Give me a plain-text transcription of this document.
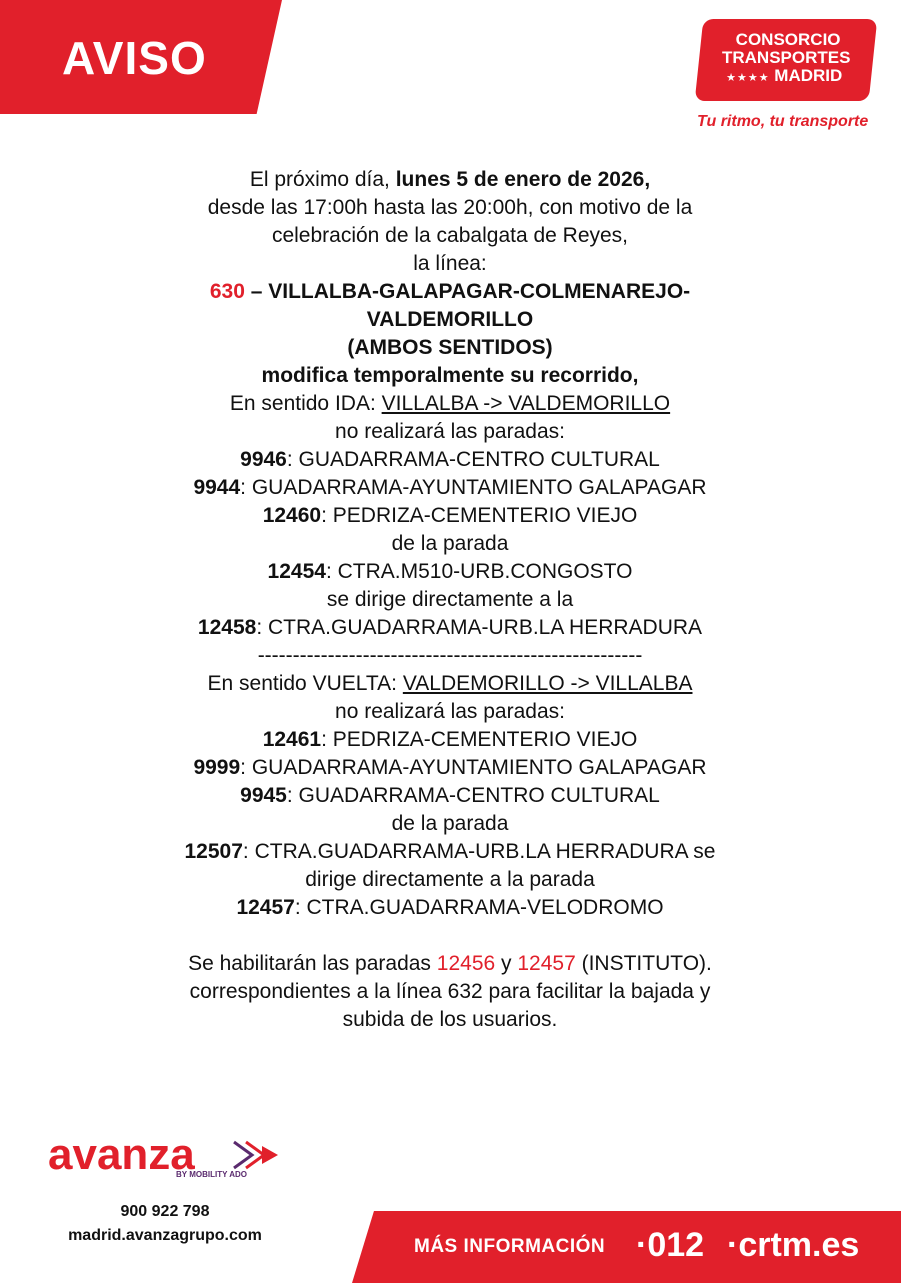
AVISO	CONSORCIO
TRANSPORTES
★★★★ MADRID
Tu ritmo, tu transporte
El próximo día, lunes 5 de enero de 2026,
desde las 17:00h hasta las 20:00h, con motivo de la
celebración de la cabalgata de Reyes,
la línea:
630 – VILLALBA-GALAPAGAR-COLMENAREJO-
VALDEMORILLO
(AMBOS SENTIDOS)
modifica temporalmente su recorrido,
En sentido IDA: VILLALBA -> VALDEMORILLO
no realizará las paradas:
9946: GUADARRAMA-CENTRO CULTURAL
9944: GUADARRAMA-AYUNTAMIENTO GALAPAGAR
12460: PEDRIZA-CEMENTERIO VIEJO
de la parada
12454: CTRA.M510-URB.CONGOSTO
se dirige directamente a la
12458: CTRA.GUADARRAMA-URB.LA HERRADURA
-------------------------------------------------------
En sentido VUELTA: VALDEMORILLO -> VILLALBA
no realizará las paradas:
12461: PEDRIZA-CEMENTERIO VIEJO
9999: GUADARRAMA-AYUNTAMIENTO GALAPAGAR
9945: GUADARRAMA-CENTRO CULTURAL
de la parada
12507: CTRA.GUADARRAMA-URB.LA HERRADURA se
dirige directamente a la parada
12457: CTRA.GUADARRAMA-VELODROMO
Se habilitarán las paradas 12456 y 12457 (INSTITUTO).
correspondientes a la línea 632 para facilitar la bajada y
subida de los usuarios.
avanza
BY MOBILITY ADO
900 922 798
madrid.avanzagrupo.com
MÁS INFORMACIÓN ·012 ·crtm.es
